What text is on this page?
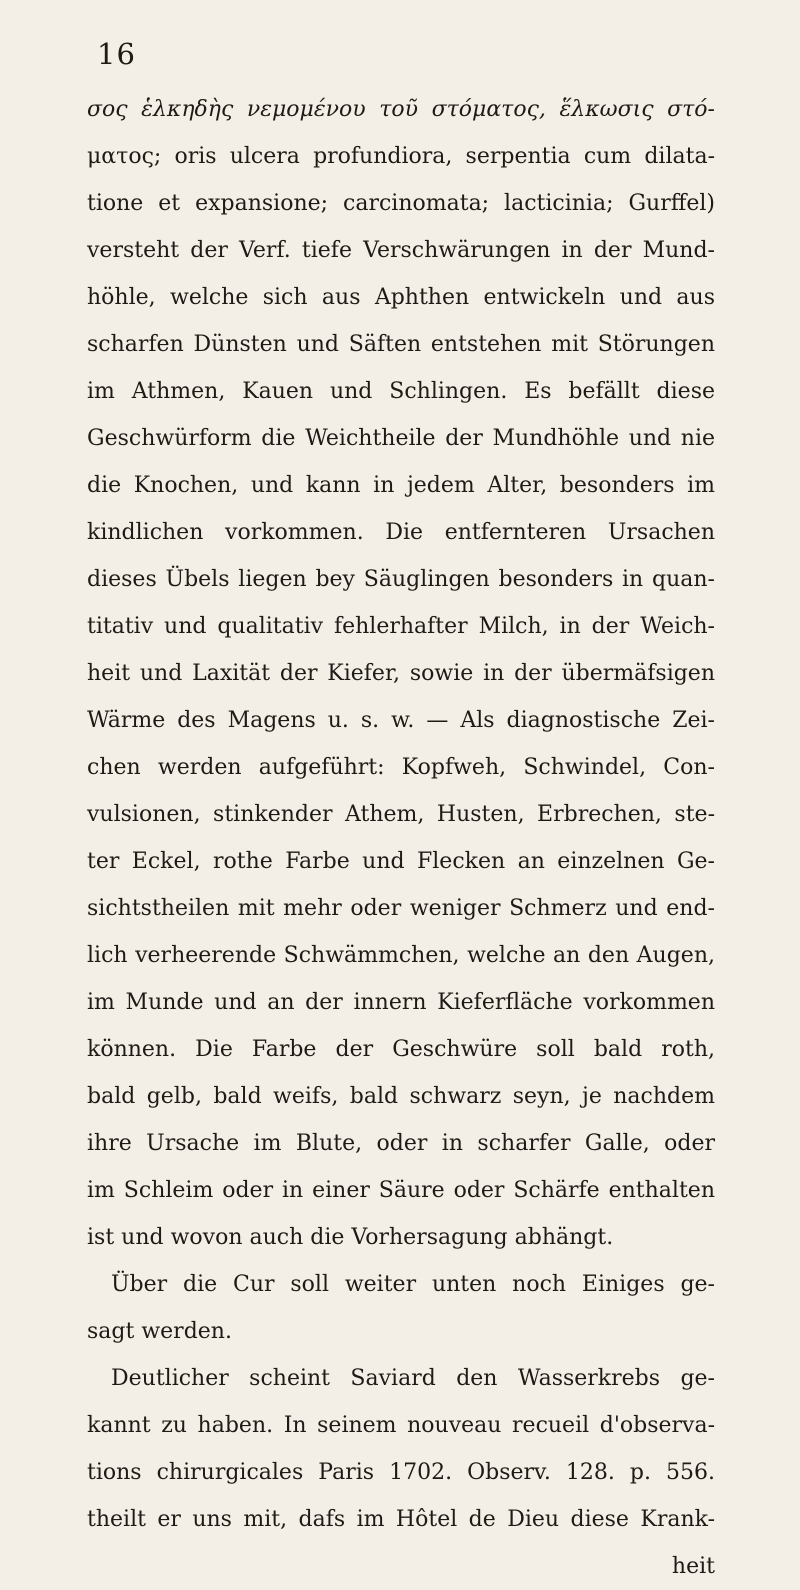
16
σος ἑλκηδὴς νεμομένου τοῦ στόματος, ἕλκωσις στό-
ματος; oris ulcera profundiora, serpentia cum dilata-
tione et expansione; carcinomata; lacticinia; Gurffel)
versteht der Verf. tiefe Verschwärungen in der Mund-
höhle, welche sich aus Aphthen entwickeln und aus
scharfen Dünsten und Säften entstehen mit Störungen
im Athmen, Kauen und Schlingen. Es befällt diese
Geschwürform die Weichtheile der Mundhöhle und nie
die Knochen, und kann in jedem Alter, besonders im
kindlichen vorkommen. Die entfernteren Ursachen
dieses Übels liegen bey Säuglingen besonders in quan-
titativ und qualitativ fehlerhafter Milch, in der Weich-
heit und Laxität der Kiefer, sowie in der übermäfsigen
Wärme des Magens u. s. w. — Als diagnostische Zei-
chen werden aufgeführt: Kopfweh, Schwindel, Con-
vulsionen, stinkender Athem, Husten, Erbrechen, ste-
ter Eckel, rothe Farbe und Flecken an einzelnen Ge-
sichtstheilen mit mehr oder weniger Schmerz und end-
lich verheerende Schwämmchen, welche an den Augen,
im Munde und an der innern Kieferfläche vorkommen
können. Die Farbe der Geschwüre soll bald roth,
bald gelb, bald weifs, bald schwarz seyn, je nachdem
ihre Ursache im Blute, oder in scharfer Galle, oder
im Schleim oder in einer Säure oder Schärfe enthalten
ist und wovon auch die Vorhersagung abhängt.
Über die Cur soll weiter unten noch Einiges ge-
sagt werden.
Deutlicher scheint Saviard den Wasserkrebs ge-
kannt zu haben. In seinem nouveau recueil d'observa-
tions chirurgicales Paris 1702. Observ. 128. p. 556.
theilt er uns mit, dafs im Hôtel de Dieu diese Krank-
heit
